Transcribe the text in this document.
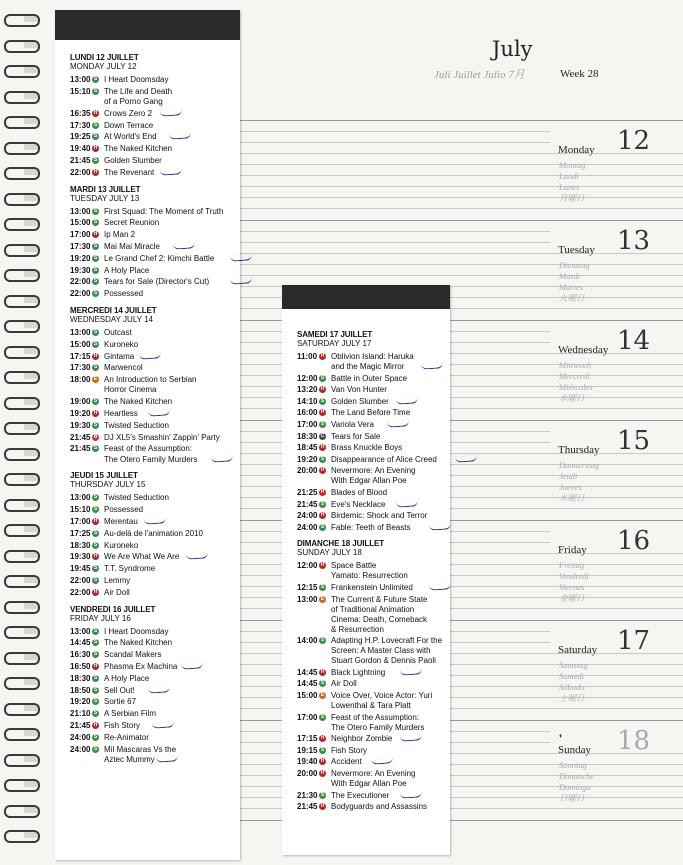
July
Juli Juillet Julio 7月	Week 28
Monday 12
Montag
Lundi
Lunes
月曜日
Tuesday 13
Dienstag
Mardi
Martes
火曜日
Wednesday 14
Mittwoch
Mercredi
Miércoles
水曜日
Thursday 15
Donnerstag
Jeudi
Jueves
木曜日
Friday 16
Freitag
Vendredi
Viernes
金曜日
Saturday 17
Samstag
Samedi
Sábado
土曜日
Sunday 18
Sonntag
Dimanche
Domingo
日曜日
◖
LUNDI 12 JUILLET
MONDAY JULY 12
13:00 S I Heart Doomsday
15:10 S The Life and Death
of a Porno Gang
16:35 H Crows Zero 2
17:30 S Down Terrace
19:25 S At World's End
19:40 H The Naked Kitchen
21:45 S Golden Slumber
22:00 H The Revenant
MARDI 13 JUILLET
TUESDAY JULY 13
13:00 S First Squad: The Moment of Truth
15:00 S Secret Reunion
17:00 H Ip Man 2
17:30 S Mai Mai Miracle
19:20 S Le Grand Chef 2: Kimchi Battle
19:30 S A Holy Place
22:00 S Tears for Sale (Director's Cut)
22:00 S Possessed
MERCREDI 14 JUILLET
WEDNESDAY JULY 14
13:00 S Outcast
15:00 S Kuroneko
17:15 H Gintama
17:30 S Marwencol
18:00 E An Introduction to Serbian
Horror Cinema
19:00 S The Naked Kitchen
19:20 H Heartless
19:30 S Twisted Seduction
21:45 B DJ XL5's Smashin' Zappin' Party
21:45 S Feast of the Assumption:
The Otero Family Murders
JEUDI 15 JUILLET
THURSDAY JULY 15
13:00 S Twisted Seduction
15:10 S Possessed
17:00 H Merentau
17:25 S Au-delà de l'animation 2010
18:30 S Kuroneko
19:30 H We Are What We Are
19:45 S T.T. Syndrome
22:00 S Lemmy
22:00 H Air Doll
VENDREDI 16 JUILLET
FRIDAY JULY 16
13:00 S I Heart Doomsday
14:45 S The Naked Kitchen
16:30 S Scandal Makers
16:50 H Phasma Ex Machina
18:30 S A Holy Place
18:50 S Sell Out!
19:20 S Sortie 67
21:10 S A Serbian Film
21:45 H Fish Story
24:00 S Re-Animator
24:00 S Mil Mascaras Vs the
Aztec Mummy
SAMEDI 17 JUILLET
SATURDAY JULY 17
11:00 H Oblivion Island: Haruka
and the Magic Mirror
12:00 S Battle in Outer Space
13:20 H Van Von Hunter
14:10 S Golden Slumber
16:00 H The Land Before Time
17:00 S Variola Vera
18:30 C Tears for Sale
18:45 H Brass Knuckle Boys
19:20 S Disappearance of Alice Creed
20:00 H Nevermore: An Evening
With Edgar Allan Poe
21:25 H Blades of Blood
21:45 S Eve's Necklace
24:00 H Birdemic: Shock and Terror
24:00 S Fable: Teeth of Beasts
DIMANCHE 18 JUILLET
SUNDAY JULY 18
12:00 H Space Battle
Yamato: Resurrection
12:15 S Frankenstein Unlimited
13:00 E The Current & Future State
of Traditional Animation
Cinema: Death, Comeback
& Resurrection
14:00 S Adapting H.P. Lovecraft For the
Screen: A Master Class with
Stuart Gordon & Dennis Paoli
14:45 H Black Lightning
14:45 S Air Doll
15:00 E Voice Over, Voice Actor: Yuri
Lowenthal & Tara Platt
17:00 S Feast of the Assumption:
The Otero Family Murders
17:15 H Neighbor Zombie
19:15 S Fish Story
19:40 H Accident
20:00 H Nevermore: An Evening
With Edgar Allan Poe
21:30 S The Executioner
21:45 H Bodyguards and Assassins
